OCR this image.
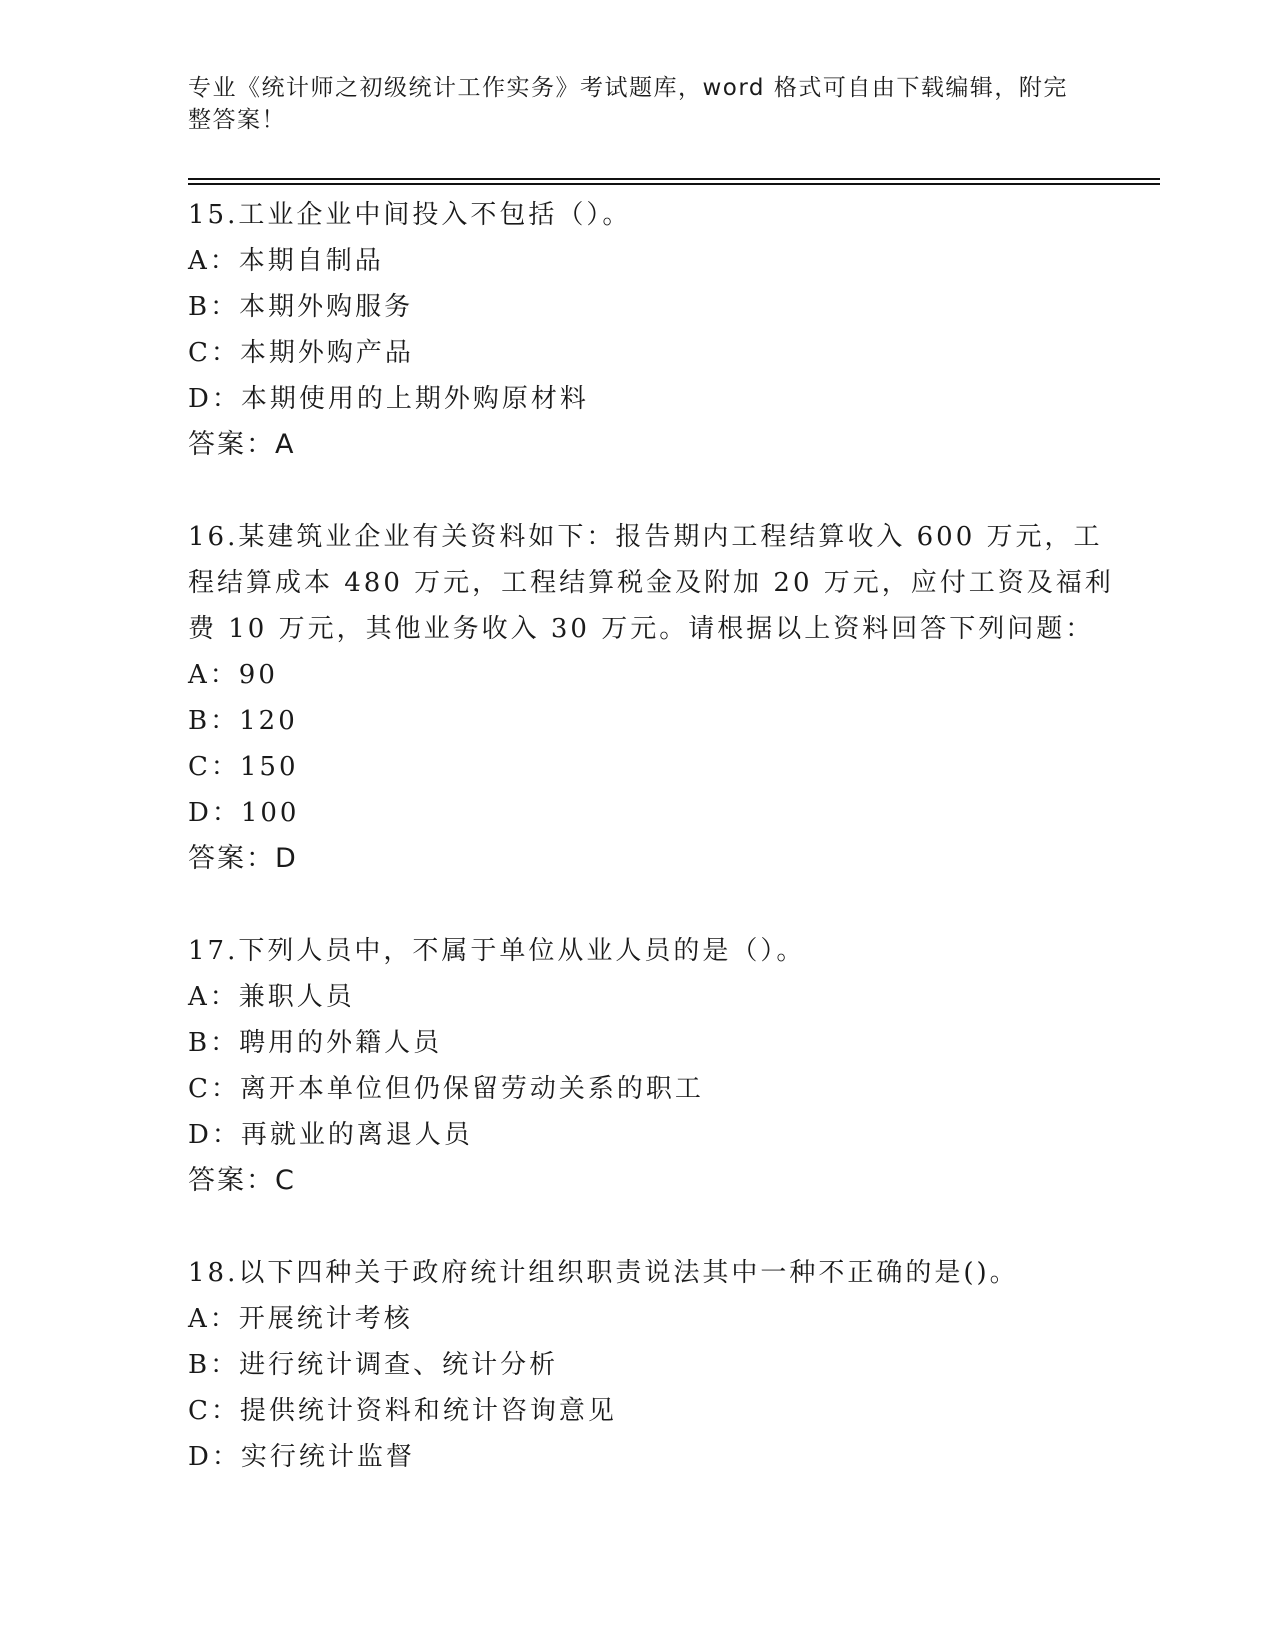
专业《统计师之初级统计工作实务》考试题库，word 格式可自由下载编辑，附完
整答案！
15.工业企业中间投入不包括（）。
A：本期自制品
B：本期外购服务
C：本期外购产品
D：本期使用的上期外购原材料
答案：A
16.某建筑业企业有关资料如下：报告期内工程结算收入 600 万元，工
程结算成本 480 万元，工程结算税金及附加 20 万元，应付工资及福利
费 10 万元，其他业务收入 30 万元。请根据以上资料回答下列问题：
A：90
B：120
C：150
D：100
答案：D
17.下列人员中，不属于单位从业人员的是（）。
A：兼职人员
B：聘用的外籍人员
C：离开本单位但仍保留劳动关系的职工
D：再就业的离退人员
答案：C
18.以下四种关于政府统计组织职责说法其中一种不正确的是()。
A：开展统计考核
B：进行统计调查、统计分析
C：提供统计资料和统计咨询意见
D：实行统计监督
